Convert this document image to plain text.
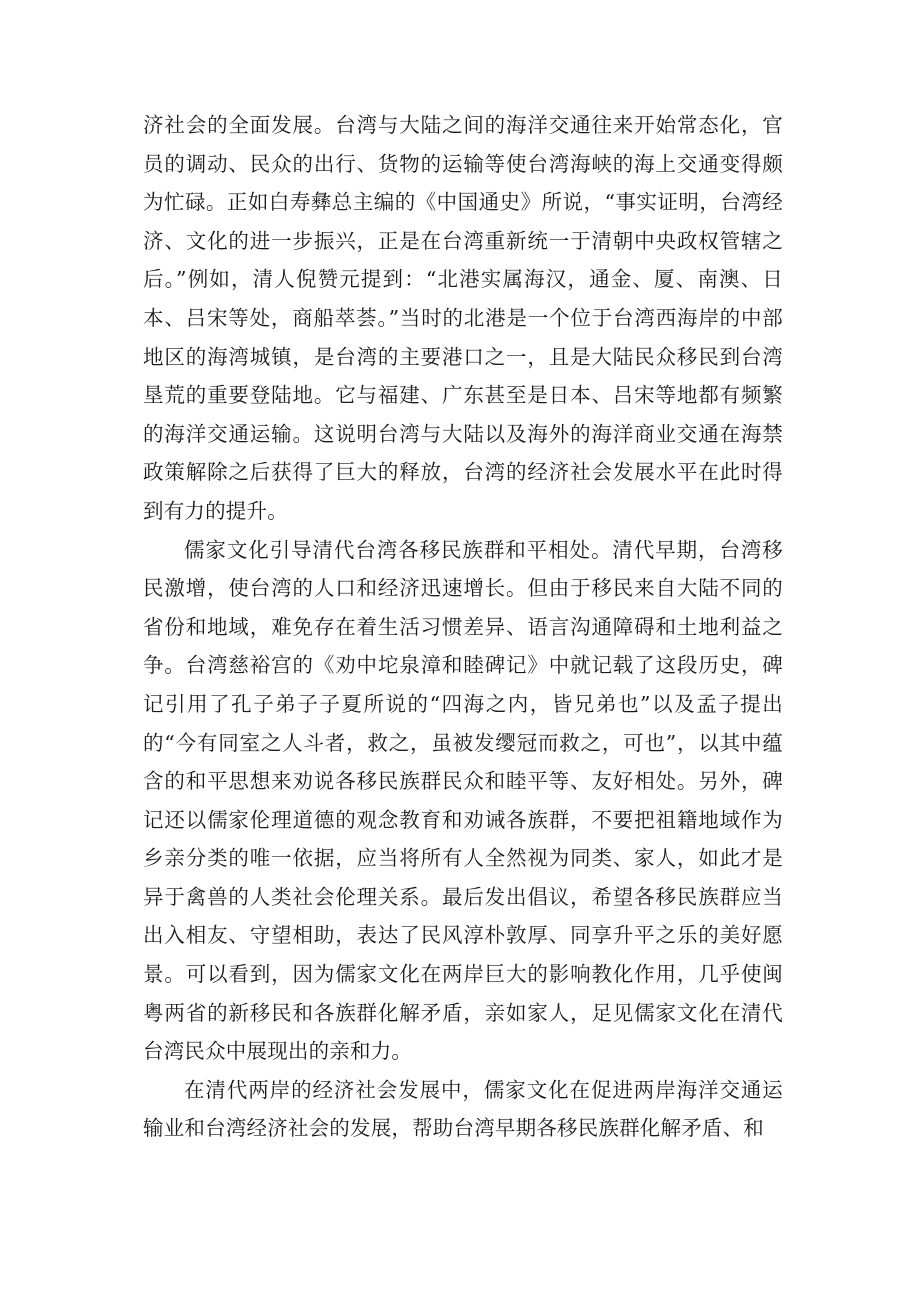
济社会的全面发展。台湾与大陆之间的海洋交通往来开始常态化，官员的调动、民众的出行、货物的运输等使台湾海峡的海上交通变得颇为忙碌。正如白寿彝总主编的《中国通史》所说，“事实证明，台湾经济、文化的进一步振兴，正是在台湾重新统一于清朝中央政权管辖之后。”例如，清人倪赞元提到：“北港实属海汉，通金、厦、南澳、日本、吕宋等处，商船萃荟。”当时的北港是一个位于台湾西海岸的中部地区的海湾城镇，是台湾的主要港口之一，且是大陆民众移民到台湾垦荒的重要登陆地。它与福建、广东甚至是日本、吕宋等地都有频繁的海洋交通运输。这说明台湾与大陆以及海外的海洋商业交通在海禁政策解除之后获得了巨大的释放，台湾的经济社会发展水平在此时得到有力的提升。

儒家文化引导清代台湾各移民族群和平相处。清代早期，台湾移民激增，使台湾的人口和经济迅速增长。但由于移民来自大陆不同的省份和地域，难免存在着生活习惯差异、语言沟通障碍和土地利益之争。台湾慈裕宫的《劝中坨泉漳和睦碑记》中就记载了这段历史，碑记引用了孔子弟子子夏所说的“四海之内，皆兄弟也”以及孟子提出的“今有同室之人斗者，救之，虽被发缨冠而救之，可也”，以其中蕴含的和平思想来劝说各移民族群民众和睦平等、友好相处。另外，碑记还以儒家伦理道德的观念教育和劝诫各族群，不要把祖籍地域作为乡亲分类的唯一依据，应当将所有人全然视为同类、家人，如此才是异于禽兽的人类社会伦理关系。最后发出倡议，希望各移民族群应当出入相友、守望相助，表达了民风淳朴敦厚、同享升平之乐的美好愿景。可以看到，因为儒家文化在两岸巨大的影响教化作用，几乎使闽粤两省的新移民和各族群化解矛盾，亲如家人，足见儒家文化在清代台湾民众中展现出的亲和力。

在清代两岸的经济社会发展中，儒家文化在促进两岸海洋交通运输业和台湾经济社会的发展，帮助台湾早期各移民族群化解矛盾、和
